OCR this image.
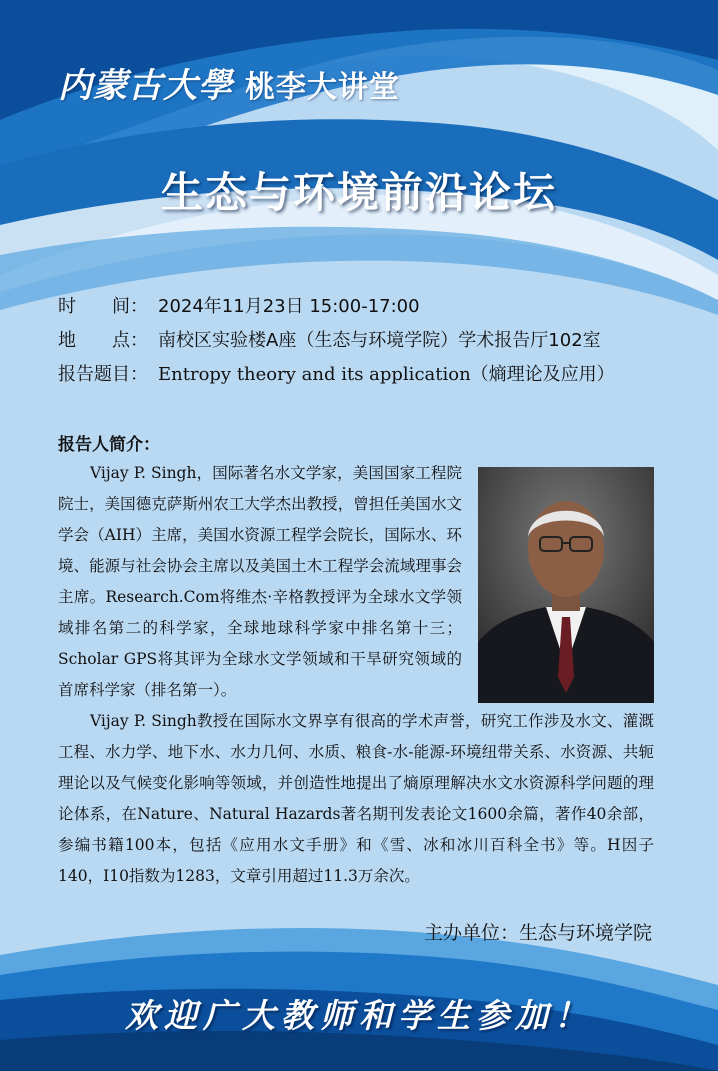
内蒙古大學 桃李大讲堂
生态与环境前沿论坛
时　　间： 2024年11月23日 15:00-17:00
地　　点： 南校区实验楼A座（生态与环境学院）学术报告厅102室
报告题目： Entropy theory and its application（熵理论及应用）
报告人简介：
Vijay P. Singh，国际著名水文学家，美国国家工程院院士，美国德克萨斯州农工大学杰出教授，曾担任美国水文学会（AIH）主席，美国水资源工程学会院长，国际水、环境、能源与社会协会主席以及美国土木工程学会流域理事会主席。Research.Com将维杰·辛格教授评为全球水文学领域排名第二的科学家，全球地球科学家中排名第十三；Scholar GPS将其评为全球水文学领域和干旱研究领域的首席科学家（排名第一）。
Vijay P. Singh教授在国际水文界享有很高的学术声誉，研究工作涉及水文、灌溉工程、水力学、地下水、水力几何、水质、粮食-水-能源-环境纽带关系、水资源、共轭理论以及气候变化影响等领域，并创造性地提出了熵原理解决水文水资源科学问题的理论体系，在Nature、Natural Hazards著名期刊发表论文1600余篇，著作40余部，参编书籍100本，包括《应用水文手册》和《雪、冰和冰川百科全书》等。H因子140，I10指数为1283，文章引用超过11.3万余次。
主办单位：生态与环境学院
欢迎广大教师和学生参加！
